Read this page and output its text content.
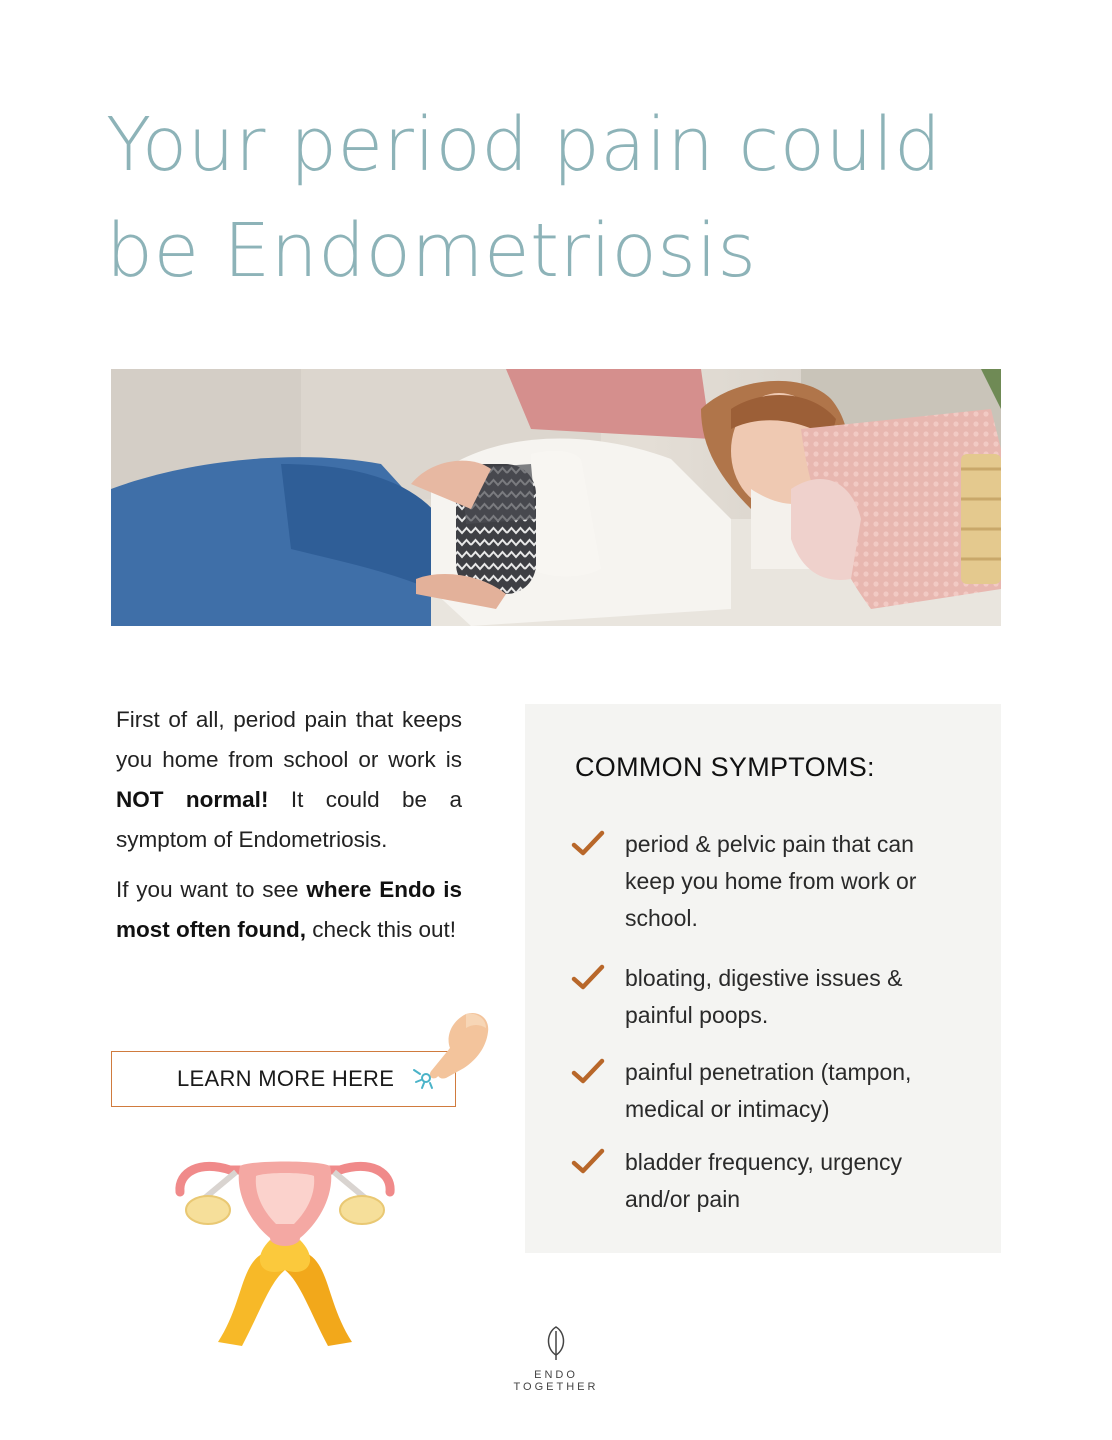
Your period pain could
be Endometriosis

First of all, period pain that keeps you home from school or work is NOT normal! It could be a symptom of Endometriosis.

If you want to see where Endo is most often found, check this out!

LEARN MORE HERE
COMMON SYMPTOMS:
period & pelvic pain that can keep you home from work or school.
bloating, digestive issues & painful poops.
painful penetration (tampon, medical or intimacy)
bladder frequency, urgency and/or pain
ENDO
TOGETHER
